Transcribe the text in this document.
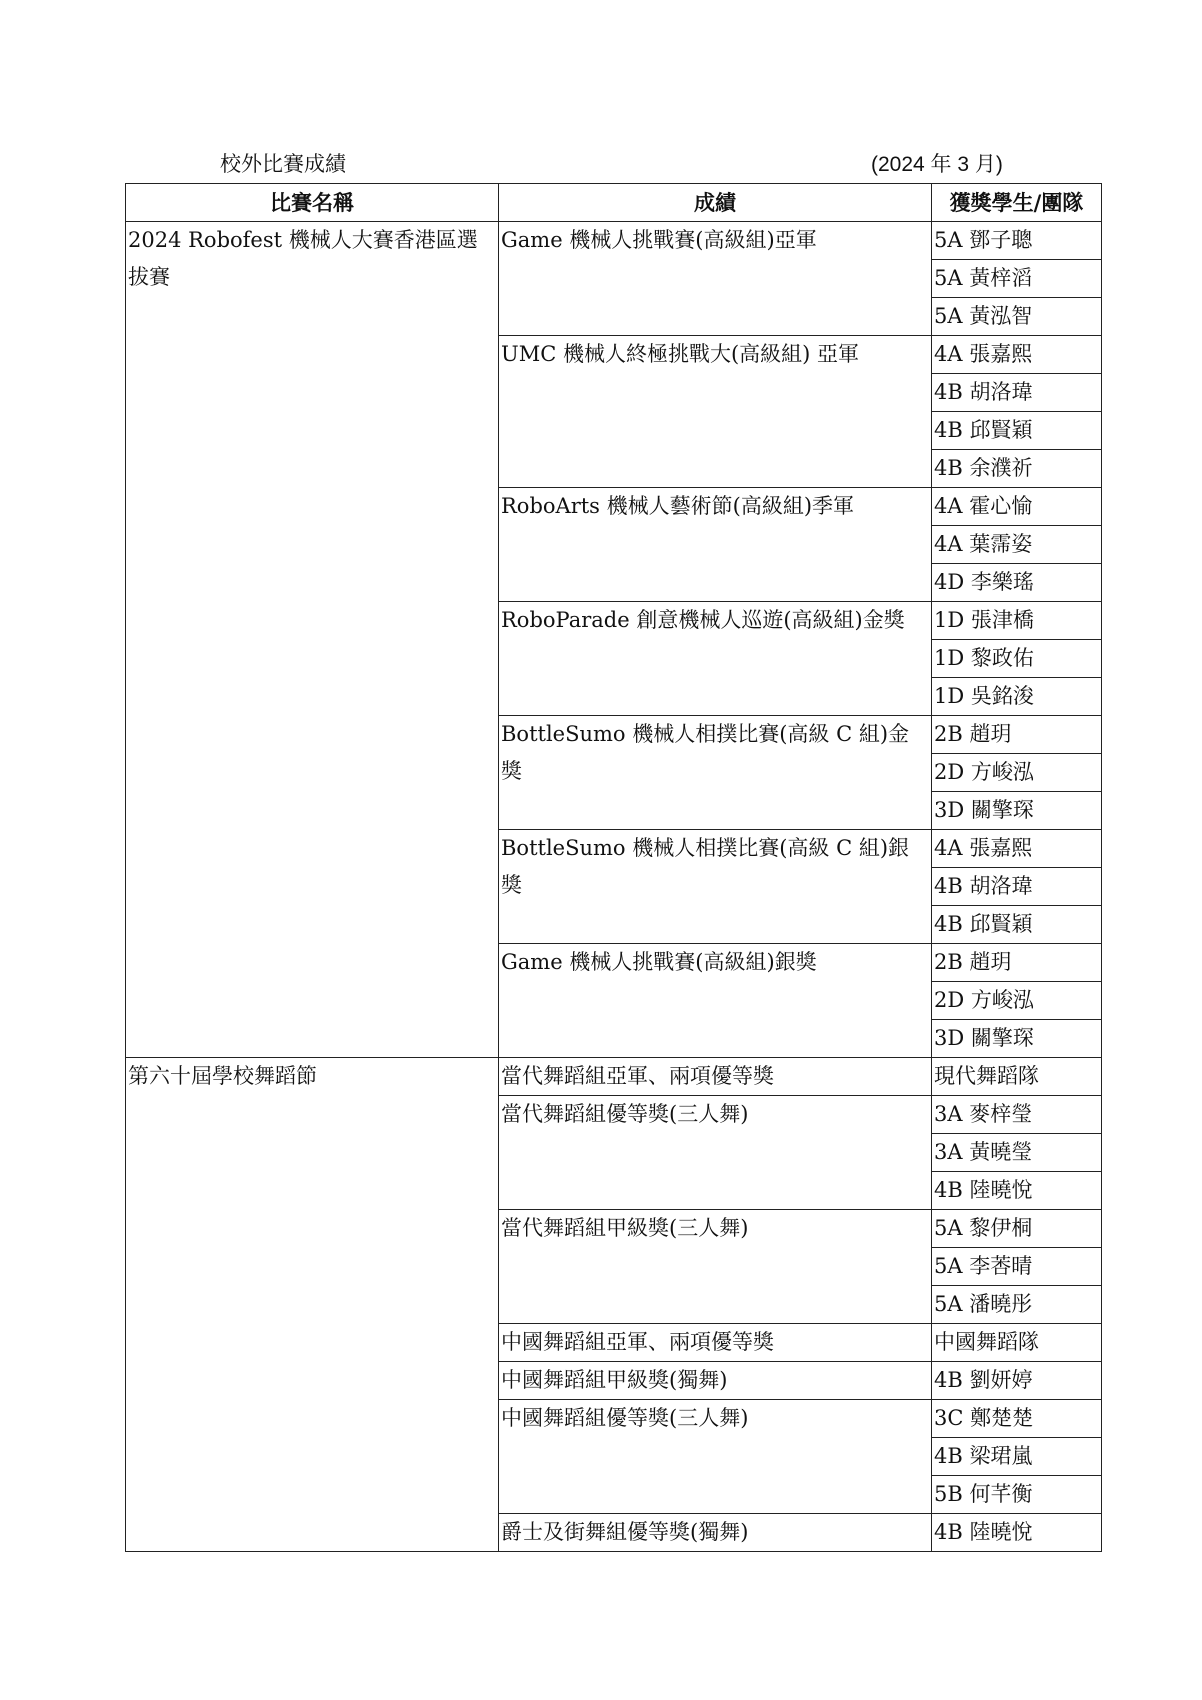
校外比賽成績	(2024 年 3 月)
比賽名稱	成績	獲獎學生/團隊
2024 Robofest 機械人大賽香港區選拔賽	Game 機械人挑戰賽(高級組)亞軍	5A 鄧子聰
		5A 黃梓滔
		5A 黃泓智
	UMC 機械人終極挑戰大(高級組) 亞軍	4A 張嘉熙
		4B 胡洛瑋
		4B 邱賢穎
		4B 余濮祈
	RoboArts 機械人藝術節(高級組)季軍	4A 霍心愉
		4A 葉霈姿
		4D 李樂瑤
	RoboParade 創意機械人巡遊(高級組)金獎	1D 張津橋
		1D 黎政佑
		1D 吳銘浚
	BottleSumo 機械人相撲比賽(高級 C 組)金獎	2B 趙玥
		2D 方峻泓
		3D 關擎琛
	BottleSumo 機械人相撲比賽(高級 C 組)銀獎	4A 張嘉熙
		4B 胡洛瑋
		4B 邱賢穎
	Game 機械人挑戰賽(高級組)銀獎	2B 趙玥
		2D 方峻泓
		3D 關擎琛
第六十屆學校舞蹈節	當代舞蹈組亞軍、兩項優等獎	現代舞蹈隊
	當代舞蹈組優等獎(三人舞)	3A 麥梓瑩
		3A 黃曉瑩
		4B 陸曉悅
	當代舞蹈組甲級獎(三人舞)	5A 黎伊桐
		5A 李莕晴
		5A 潘曉彤
	中國舞蹈組亞軍、兩項優等獎	中國舞蹈隊
	中國舞蹈組甲級獎(獨舞)	4B 劉妍婷
	中國舞蹈組優等獎(三人舞)	3C 鄭楚楚
		4B 梁珺嵐
		5B 何芊衡
	爵士及街舞組優等獎(獨舞)	4B 陸曉悅
